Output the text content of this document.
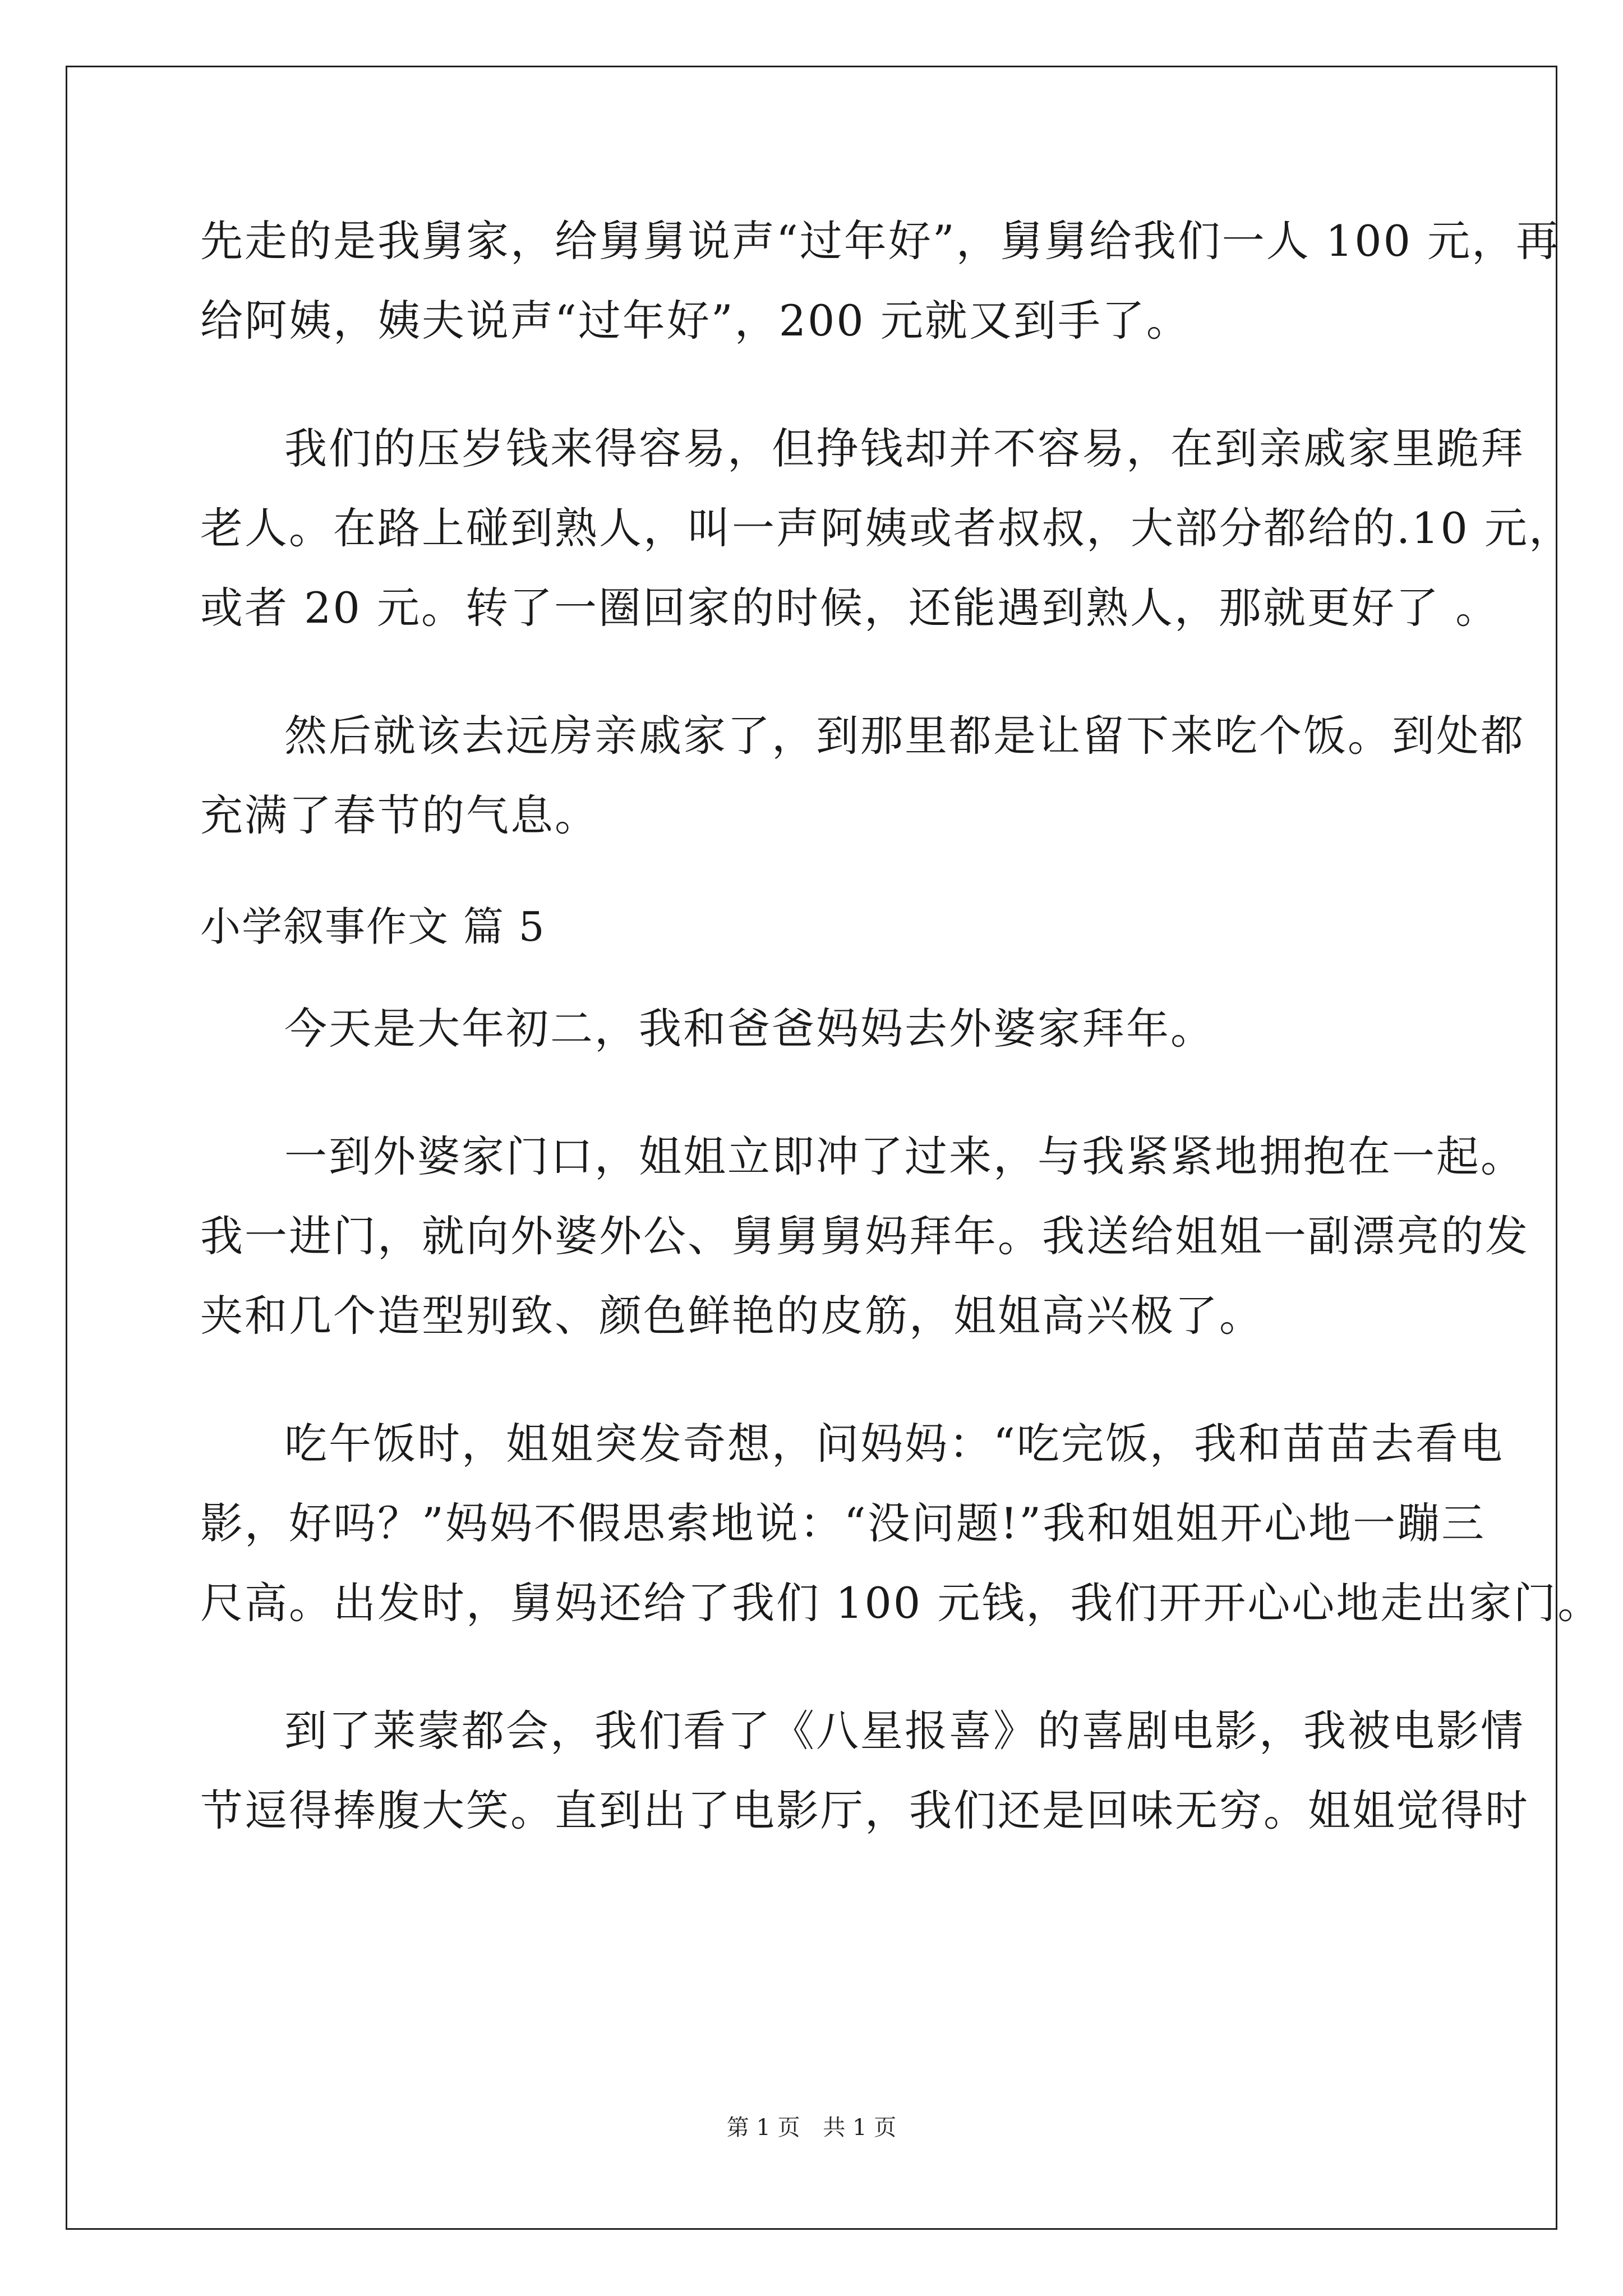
先走的是我舅家，给舅舅说声“过年好”，舅舅给我们一人 100 元，再
给阿姨，姨夫说声“过年好”，200 元就又到手了。
我们的压岁钱来得容易，但挣钱却并不容易，在到亲戚家里跪拜
老人。在路上碰到熟人，叫一声阿姨或者叔叔，大部分都给的.10 元，
或者 20 元。转了一圈回家的时候，还能遇到熟人，那就更好了 。
然后就该去远房亲戚家了，到那里都是让留下来吃个饭。到处都
充满了春节的气息。
小学叙事作文 篇 5
今天是大年初二，我和爸爸妈妈去外婆家拜年。
一到外婆家门口，姐姐立即冲了过来，与我紧紧地拥抱在一起。
我一进门，就向外婆外公、舅舅舅妈拜年。我送给姐姐一副漂亮的发
夹和几个造型别致、颜色鲜艳的皮筋，姐姐高兴极了。
吃午饭时，姐姐突发奇想，问妈妈：“吃完饭，我和苗苗去看电
影，好吗？”妈妈不假思索地说：“没问题!”我和姐姐开心地一蹦三
尺高。出发时，舅妈还给了我们 100 元钱，我们开开心心地走出家门。
到了莱蒙都会，我们看了《八星报喜》的喜剧电影，我被电影情
节逗得捧腹大笑。直到出了电影厅，我们还是回味无穷。姐姐觉得时
第 1 页 共 1 页
